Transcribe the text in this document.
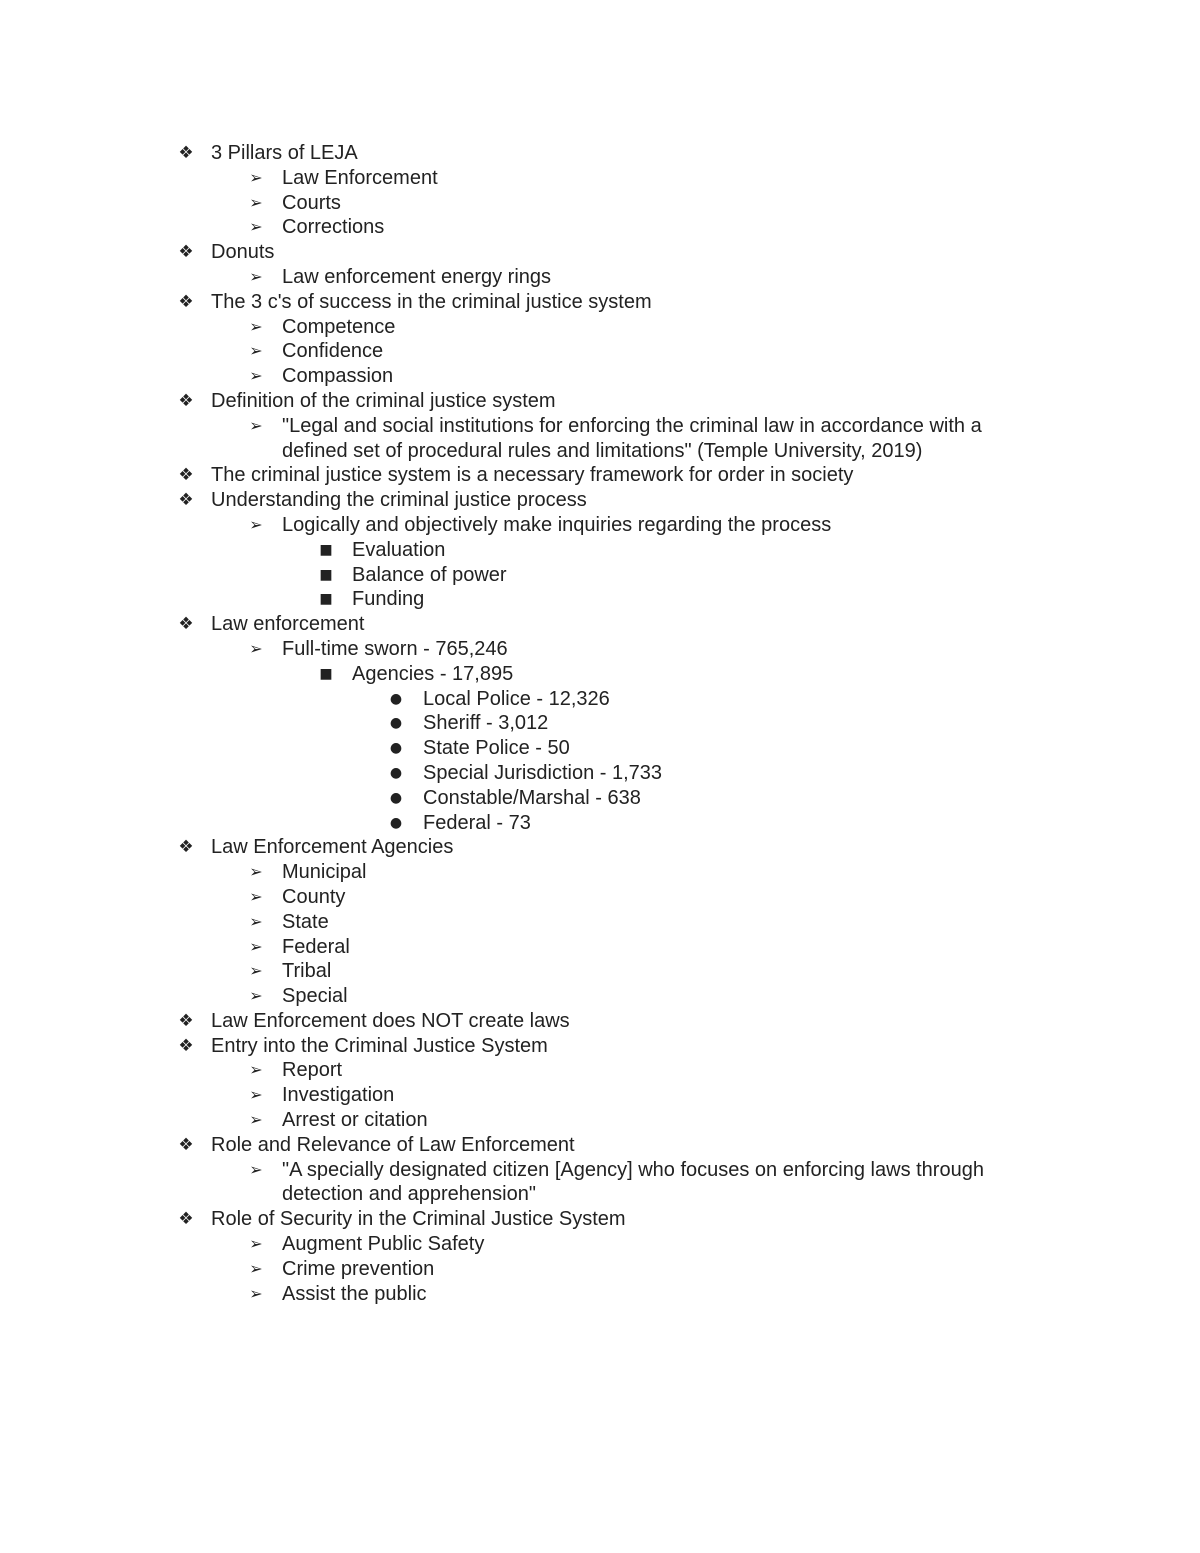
❖ 3 Pillars of LEJA
➢ Law Enforcement
➢ Courts
➢ Corrections
❖ Donuts
➢ Law enforcement energy rings
❖ The 3 c's of success in the criminal justice system
➢ Competence
➢ Confidence
➢ Compassion
❖ Definition of the criminal justice system
➢ "Legal and social institutions for enforcing the criminal law in accordance with a
defined set of procedural rules and limitations" (Temple University, 2019)
❖ The criminal justice system is a necessary framework for order in society
❖ Understanding the criminal justice process
➢ Logically and objectively make inquiries regarding the process
■ Evaluation
■ Balance of power
■ Funding
❖ Law enforcement
➢ Full-time sworn - 765,246
■ Agencies - 17,895
● Local Police - 12,326
● Sheriff - 3,012
● State Police - 50
● Special Jurisdiction - 1,733
● Constable/Marshal - 638
● Federal - 73
❖ Law Enforcement Agencies
➢ Municipal
➢ County
➢ State
➢ Federal
➢ Tribal
➢ Special
❖ Law Enforcement does NOT create laws
❖ Entry into the Criminal Justice System
➢ Report
➢ Investigation
➢ Arrest or citation
❖ Role and Relevance of Law Enforcement
➢ "A specially designated citizen [Agency] who focuses on enforcing laws through
detection and apprehension"
❖ Role of Security in the Criminal Justice System
➢ Augment Public Safety
➢ Crime prevention
➢ Assist the public
